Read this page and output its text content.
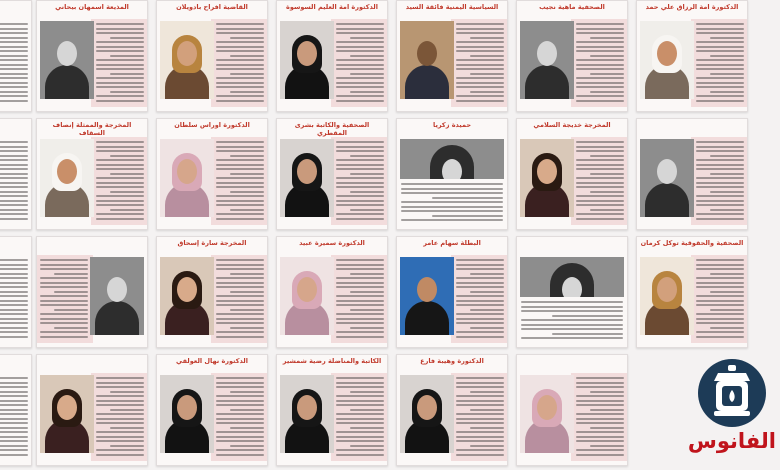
المذيعة أسمهان بيحاني	القاضية أفراح بادويلان	الدكتورة أمة العليم السوسوة	السياسية اليمنية فائقة السيد	الصحفية ماهية نجيب	الدكتورة أمة الرزاق علي حمد
المخرجة والممثلة إنصاف السقاف
الدكتورة أوراس سلطان	الصحفية والكاتبة بشرى المقطري
حميدة زكريا	المخرجة خديجة السلامي
المخرجة سارة إسحاق	الدكتورة سميرة عبيد	البطلة سهام عامر	الصحفية والحقوقية توكل كرمان
الدكتورة نهال العولقي	الكاتبة والمناضلة رضية شمشير	الدكتورة وهيبة فارع
الفانوس
